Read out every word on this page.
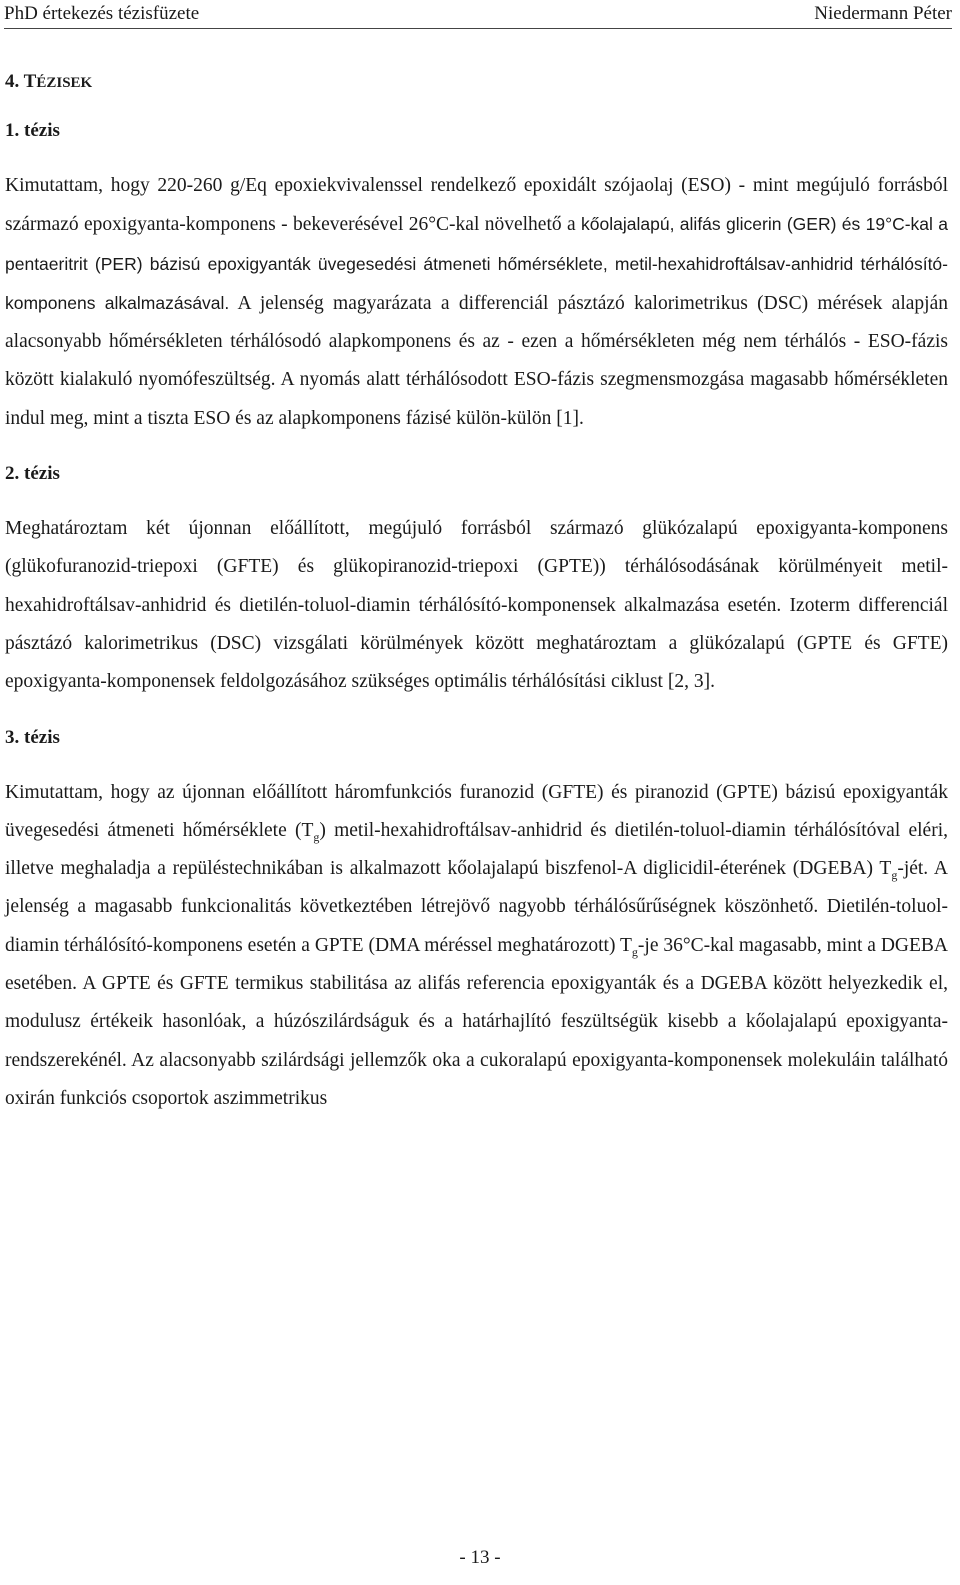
PhD értekezés tézisfüzete	Niedermann Péter
4. TÉZISEK
1. tézis

Kimutattam, hogy 220-260 g/Eq epoxiekvivalenssel rendelkező epoxidált szójaolaj (ESO) - mint megújuló forrásból származó epoxigyanta-komponens - bekeverésével 26°C-kal növelhető a kőolajalapú, alifás glicerin (GER) és 19°C-kal a pentaeritrit (PER) bázisú epoxigyanták üvegesedési átmeneti hőmérséklete, metil-hexahidroftálsav-anhidrid térhálósító-komponens alkalmazásával. A jelenség magyarázata a differenciál pásztázó kalorimetrikus (DSC) mérések alapján alacsonyabb hőmérsékleten térhálósodó alapkomponens és az - ezen a hőmérsékleten még nem térhálós - ESO-fázis között kialakuló nyomófeszültség. A nyomás alatt térhálósodott ESO-fázis szegmensmozgása magasabb hőmérsékleten indul meg, mint a tiszta ESO és az alapkomponens fázisé külön-külön [1].

2. tézis

Meghatároztam két újonnan előállított, megújuló forrásból származó glükózalapú epoxigyanta-komponens (glükofuranozid-triepoxi (GFTE) és glükopiranozid-triepoxi (GPTE)) térhálósodásának körülményeit metil-hexahidroftálsav-anhidrid és dietilén-toluol-diamin térhálósító-komponensek alkalmazása esetén. Izoterm differenciál pásztázó kalorimetrikus (DSC) vizsgálati körülmények között meghatároztam a glükózalapú (GPTE és GFTE) epoxigyanta-komponensek feldolgozásához szükséges optimális térhálósítási ciklust [2, 3].

3. tézis

Kimutattam, hogy az újonnan előállított háromfunkciós furanozid (GFTE) és piranozid (GPTE) bázisú epoxigyanták üvegesedési átmeneti hőmérséklete $(T_g)$ metil-hexahidroftálsav-anhidrid és dietilén-toluol-diamin térhálósítóval eléri, illetve meghaladja a repüléstechnikában is alkalmazott kőolajalapú biszfenol-A diglicidil-éterének (DGEBA) $T_g$-jét. A jelenség a magasabb funkcionalitás következtében létrejövő nagyobb térhálósűrűségnek köszönhető. Dietilén-toluol-diamin térhálósító-komponens esetén a GPTE (DMA méréssel meghatározott) $T_g-je$ 36°C-kal magasabb, mint a DGEBA esetében. A GPTE és GFTE termikus stabilitása az alifás referencia epoxigyanták és a DGEBA között helyezkedik el, modulusz értékeik hasonlóak, a húzószilárdságuk és a határhajlító feszültségük kisebb a kőolajalapú epoxigyanta-rendszerekénél. Az alacsonyabb szilárdsági jellemzők oka a cukoralapú epoxigyanta-komponensek molekuláin található oxirán funkciós csoportok aszimmetrikus

- 13 -
